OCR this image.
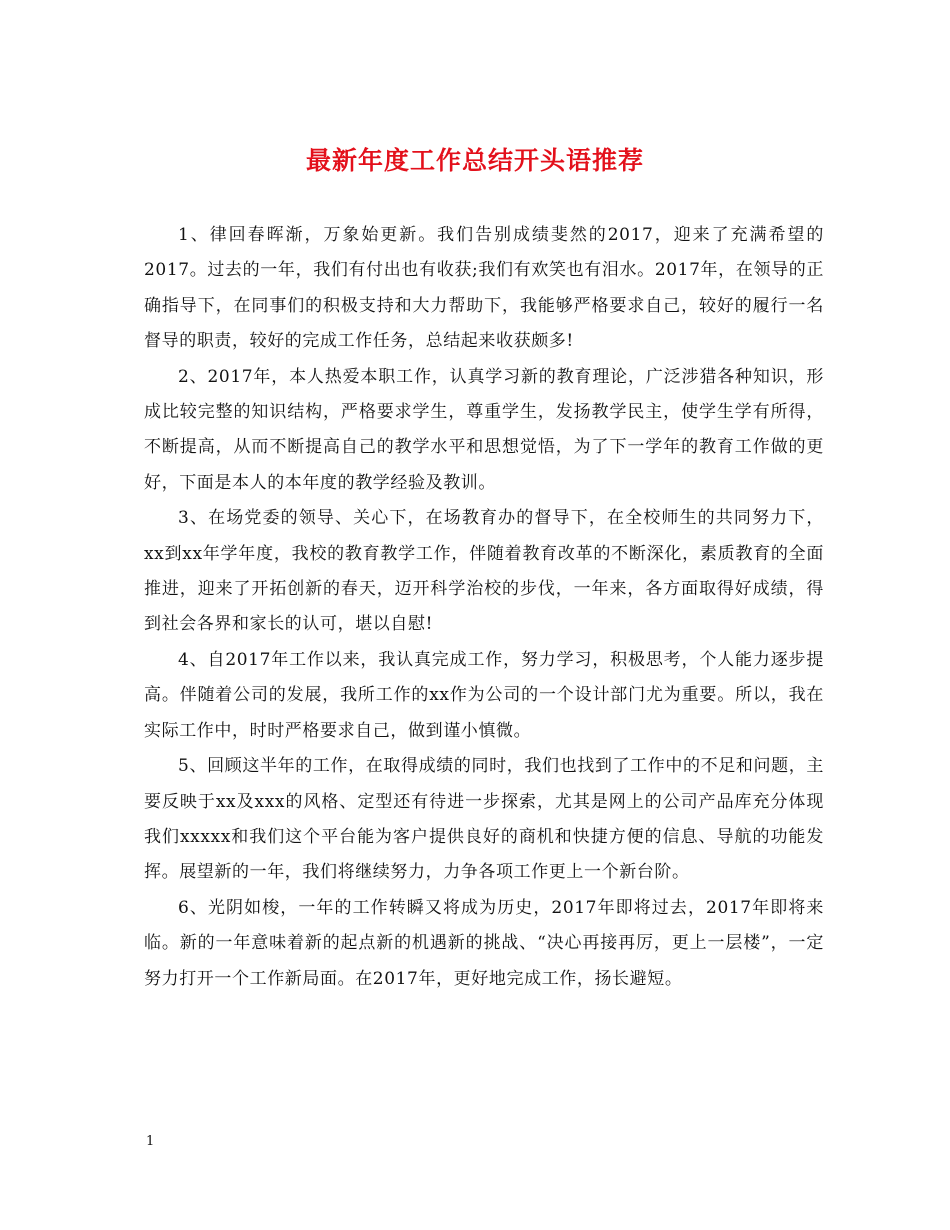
最新年度工作总结开头语推荐

1、律回春晖渐，万象始更新。我们告别成绩斐然的2017，迎来了充满希望的2017。过去的一年，我们有付出也有收获;我们有欢笑也有泪水。2017年，在领导的正确指导下，在同事们的积极支持和大力帮助下，我能够严格要求自己，较好的履行一名督导的职责，较好的完成工作任务，总结起来收获颇多!

2、2017年，本人热爱本职工作，认真学习新的教育理论，广泛涉猎各种知识，形成比较完整的知识结构，严格要求学生，尊重学生，发扬教学民主，使学生学有所得，不断提高，从而不断提高自己的教学水平和思想觉悟，为了下一学年的教育工作做的更好，下面是本人的本年度的教学经验及教训。

3、在场党委的领导、关心下，在场教育办的督导下，在全校师生的共同努力下，xx到xx年学年度，我校的教育教学工作，伴随着教育改革的不断深化，素质教育的全面推进，迎来了开拓创新的春天，迈开科学治校的步伐，一年来，各方面取得好成绩，得到社会各界和家长的认可，堪以自慰!

4、自2017年工作以来，我认真完成工作，努力学习，积极思考，个人能力逐步提高。伴随着公司的发展，我所工作的xx作为公司的一个设计部门尤为重要。所以，我在实际工作中，时时严格要求自己，做到谨小慎微。

5、回顾这半年的工作，在取得成绩的同时，我们也找到了工作中的不足和问题，主要反映于xx及xxx的风格、定型还有待进一步探索，尤其是网上的公司产品库充分体现我们xxxxx和我们这个平台能为客户提供良好的商机和快捷方便的信息、导航的功能发挥。展望新的一年，我们将继续努力，力争各项工作更上一个新台阶。

6、光阴如梭，一年的工作转瞬又将成为历史，2017年即将过去，2017年即将来临。新的一年意味着新的起点新的机遇新的挑战、“决心再接再厉，更上一层楼”，一定努力打开一个工作新局面。在2017年，更好地完成工作，扬长避短。

1
